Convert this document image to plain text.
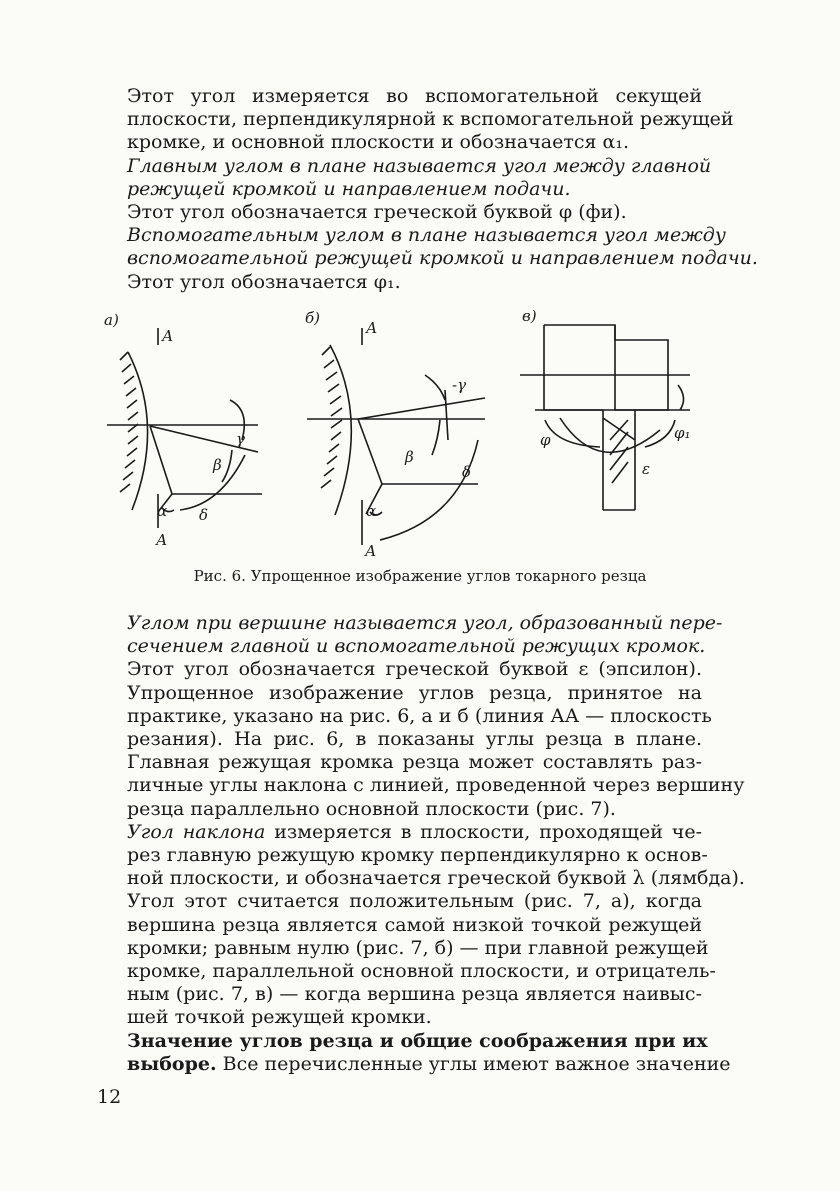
Этот угол измеряется во вспомогательной секущей
плоскости, перпендикулярной к вспомогательной режущей
кромке, и основной плоскости и обозначается α₁.
Главным углом в плане называется угол между главной
режущей кромкой и направлением подачи.
Этот угол обозначается греческой буквой φ (фи).
Вспомогательным углом в плане называется угол между
вспомогательной режущей кромкой и направлением подачи.
Этот угол обозначается φ₁.
а)
А
А
γ
β
α δ
б)
А
А
-γ
β
α
δ
в)
φ	φ₁
ε
Рис. 6. Упрощенное изображение углов токарного резца
Углом при вершине называется угол, образованный пере-
сечением главной и вспомогательной режущих кромок.
Этот угол обозначается греческой буквой ε (эпсилон).
Упрощенное изображение углов резца, принятое на
практике, указано на рис. 6, а и б (линия АА — плоскость
резания). На рис. 6, в показаны углы резца в плане.
Главная режущая кромка резца может составлять раз-
личные углы наклона с линией, проведенной через вершину
резца параллельно основной плоскости (рис. 7).
Угол наклона измеряется в плоскости, проходящей че-
рез главную режущую кромку перпендикулярно к основ-
ной плоскости, и обозначается греческой буквой λ (лямбда).
Угол этот считается положительным (рис. 7, а), когда
вершина резца является самой низкой точкой режущей
кромки; равным нулю (рис. 7, б) — при главной режущей
кромке, параллельной основной плоскости, и отрицатель-
ным (рис. 7, в) — когда вершина резца является наивыс-
шей точкой режущей кромки.
Значение углов резца и общие соображения при их
выборе. Все перечисленные углы имеют важное значение
12
